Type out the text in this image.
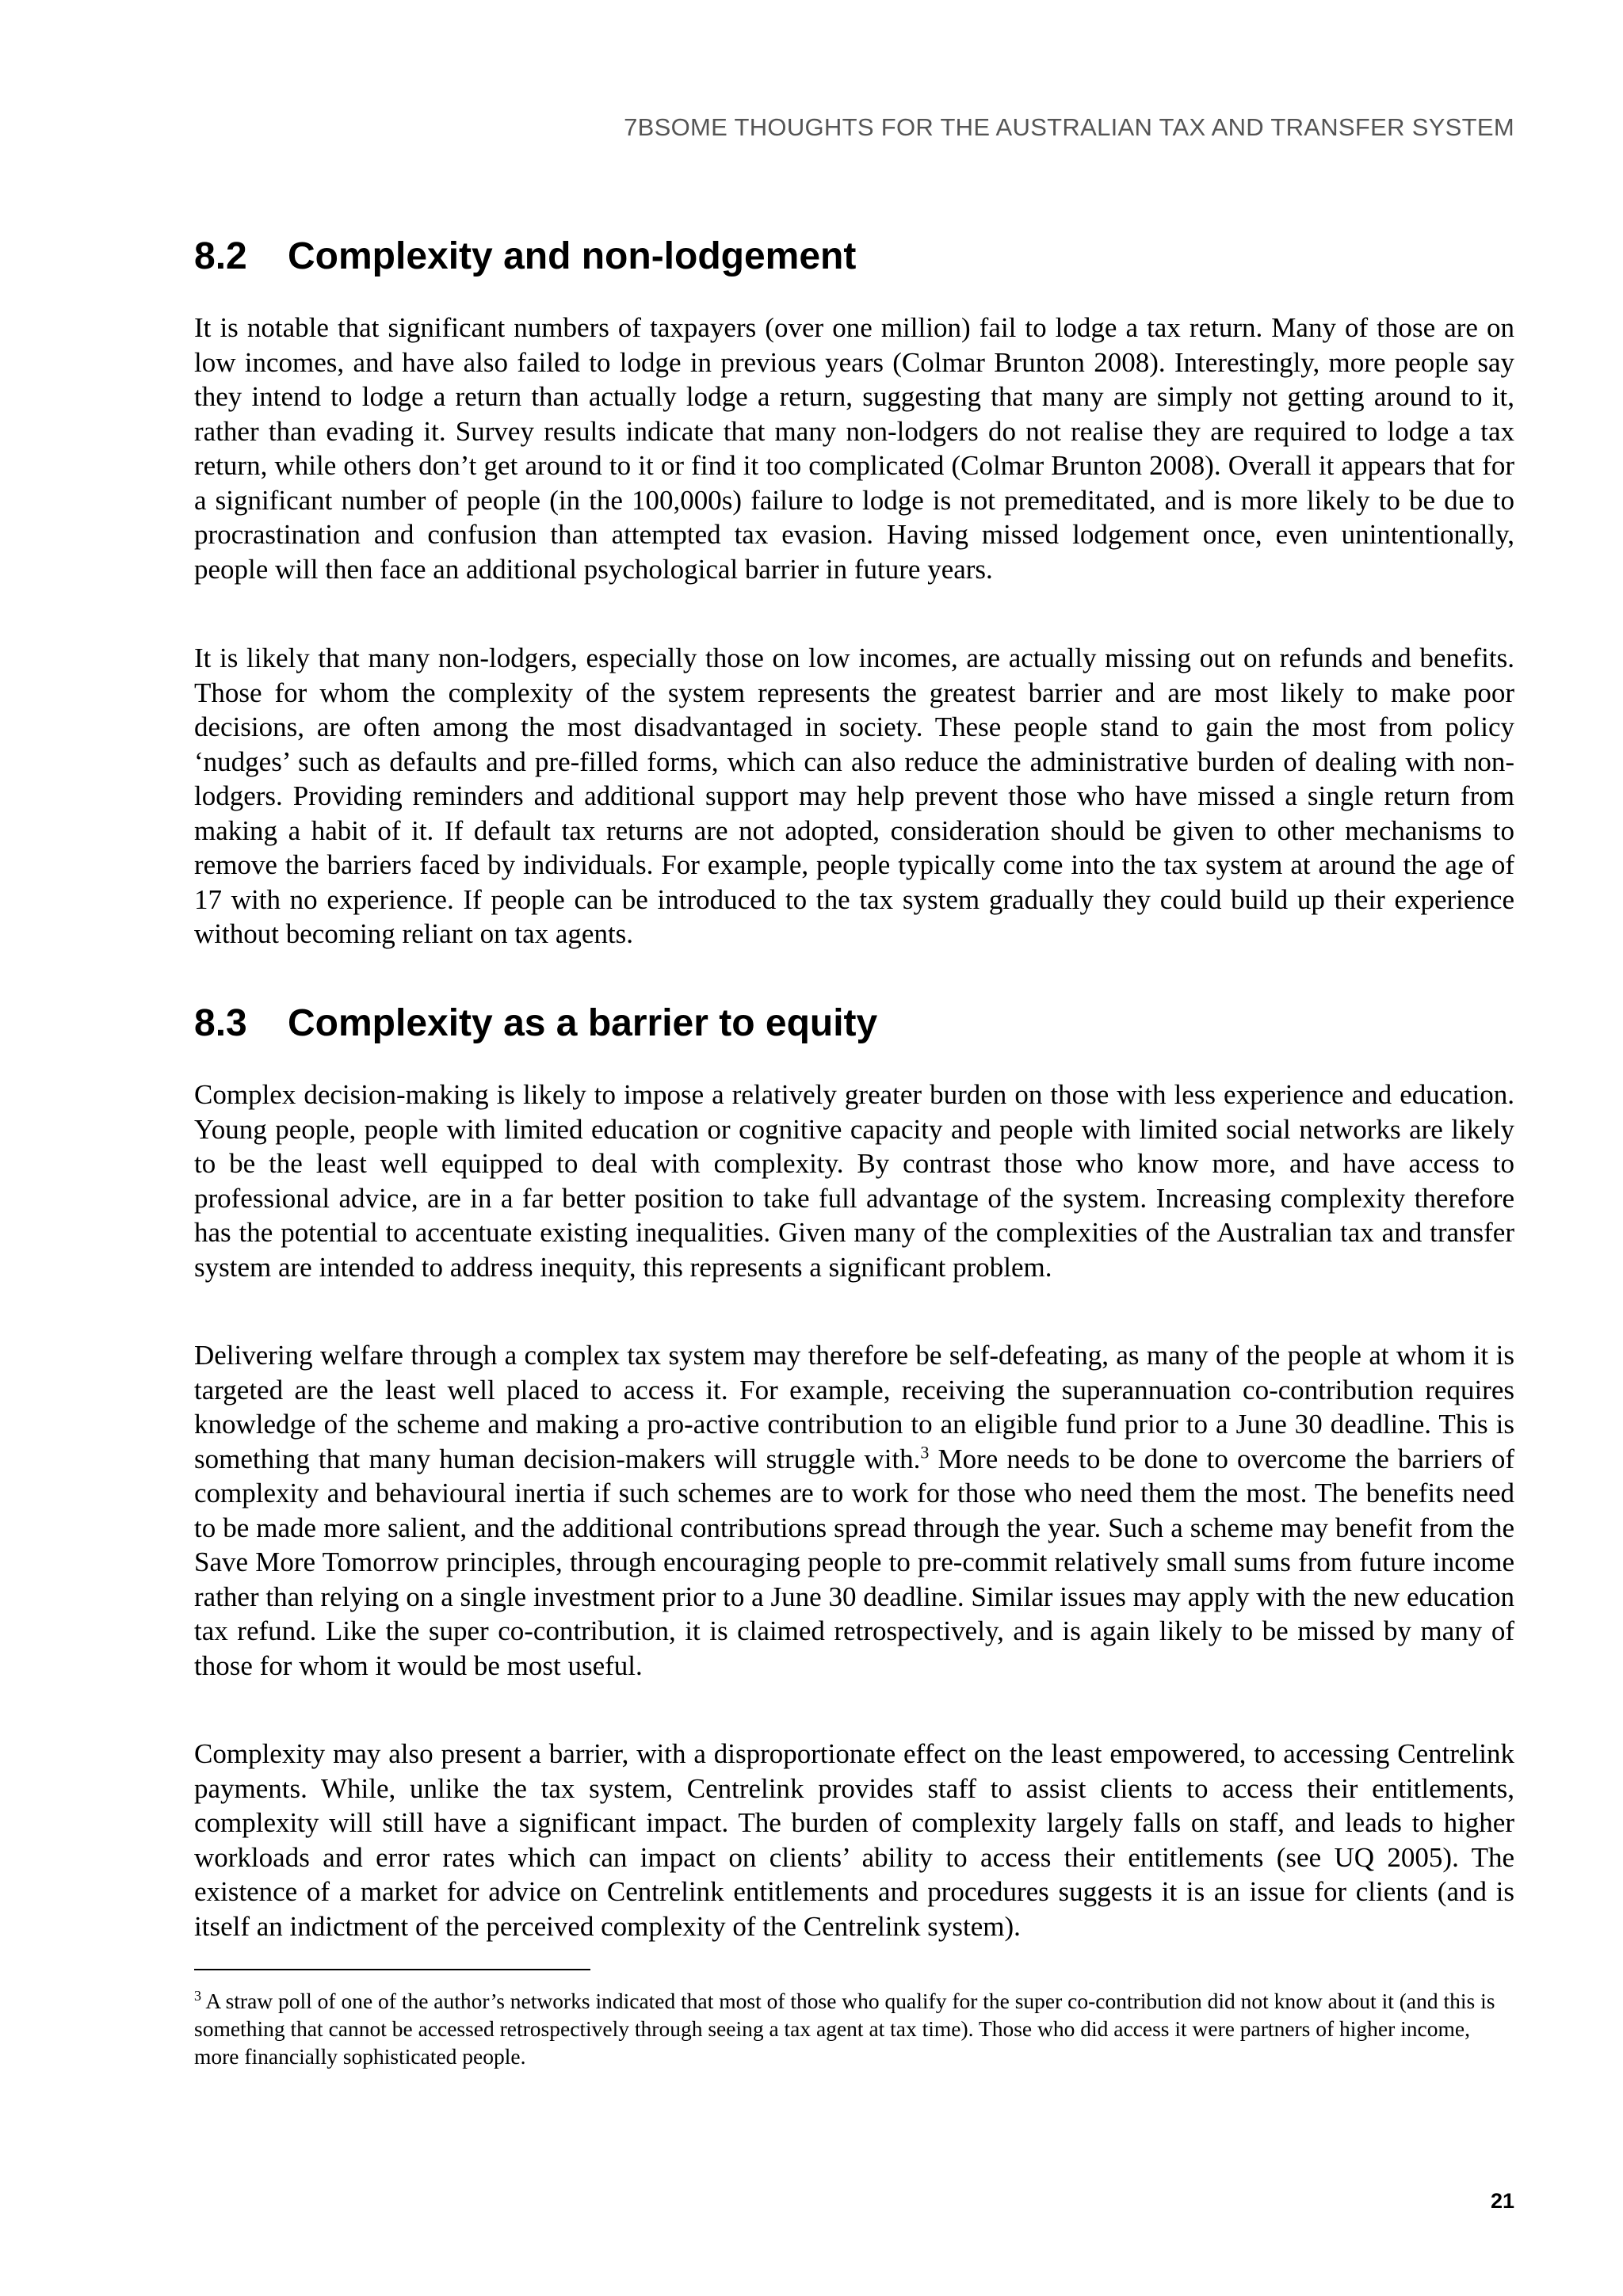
7BSOME THOUGHTS FOR THE AUSTRALIAN TAX AND TRANSFER SYSTEM
8.2 Complexity and non-lodgement

It is notable that significant numbers of taxpayers (over one million) fail to lodge a tax return. Many of those are on low incomes, and have also failed to lodge in previous years (Colmar Brunton 2008). Interestingly, more people say they intend to lodge a return than actually lodge a return, suggesting that many are simply not getting around to it, rather than evading it. Survey results indicate that many non-lodgers do not realise they are required to lodge a tax return, while others don’t get around to it or find it too complicated (Colmar Brunton 2008). Overall it appears that for a significant number of people (in the 100,000s) failure to lodge is not premeditated, and is more likely to be due to procrastination and confusion than attempted tax evasion. Having missed lodgement once, even unintentionally, people will then face an additional psychological barrier in future years.

It is likely that many non-lodgers, especially those on low incomes, are actually missing out on refunds and benefits. Those for whom the complexity of the system represents the greatest barrier and are most likely to make poor decisions, are often among the most disadvantaged in society. These people stand to gain the most from policy ‘nudges’ such as defaults and pre-filled forms, which can also reduce the administrative burden of dealing with non-lodgers. Providing reminders and additional support may help prevent those who have missed a single return from making a habit of it. If default tax returns are not adopted, consideration should be given to other mechanisms to remove the barriers faced by individuals. For example, people typically come into the tax system at around the age of 17 with no experience. If people can be introduced to the tax system gradually they could build up their experience without becoming reliant on tax agents.

8.3 Complexity as a barrier to equity

Complex decision-making is likely to impose a relatively greater burden on those with less experience and education. Young people, people with limited education or cognitive capacity and people with limited social networks are likely to be the least well equipped to deal with complexity. By contrast those who know more, and have access to professional advice, are in a far better position to take full advantage of the system. Increasing complexity therefore has the potential to accentuate existing inequalities. Given many of the complexities of the Australian tax and transfer system are intended to address inequity, this represents a significant problem.

Delivering welfare through a complex tax system may therefore be self-defeating, as many of the people at whom it is targeted are the least well placed to access it. For example, receiving the superannuation co-contribution requires knowledge of the scheme and making a pro-active contribution to an eligible fund prior to a June 30 deadline. This is something that many human decision-makers will struggle with.$^3$ More needs to be done to overcome the barriers of complexity and behavioural inertia if such schemes are to work for those who need them the most. The benefits need to be made more salient, and the additional contributions spread through the year. Such a scheme may benefit from the Save More Tomorrow principles, through encouraging people to pre-commit relatively small sums from future income rather than relying on a single investment prior to a June 30 deadline. Similar issues may apply with the new education tax refund. Like the super co-contribution, it is claimed retrospectively, and is again likely to be missed by many of those for whom it would be most useful.

Complexity may also present a barrier, with a disproportionate effect on the least empowered, to accessing Centrelink payments. While, unlike the tax system, Centrelink provides staff to assist clients to access their entitlements, complexity will still have a significant impact. The burden of complexity largely falls on staff, and leads to higher workloads and error rates which can impact on clients’ ability to access their entitlements (see UQ 2005). The existence of a market for advice on Centrelink entitlements and procedures suggests it is an issue for clients (and is itself an indictment of the perceived complexity of the Centrelink system).

$^3$ A straw poll of one of the author’s networks indicated that most of those who qualify for the super co-contribution did not know about it (and this is something that cannot be accessed retrospectively through seeing a tax agent at tax time). Those who did access it were partners of higher income, more financially sophisticated people.

21
